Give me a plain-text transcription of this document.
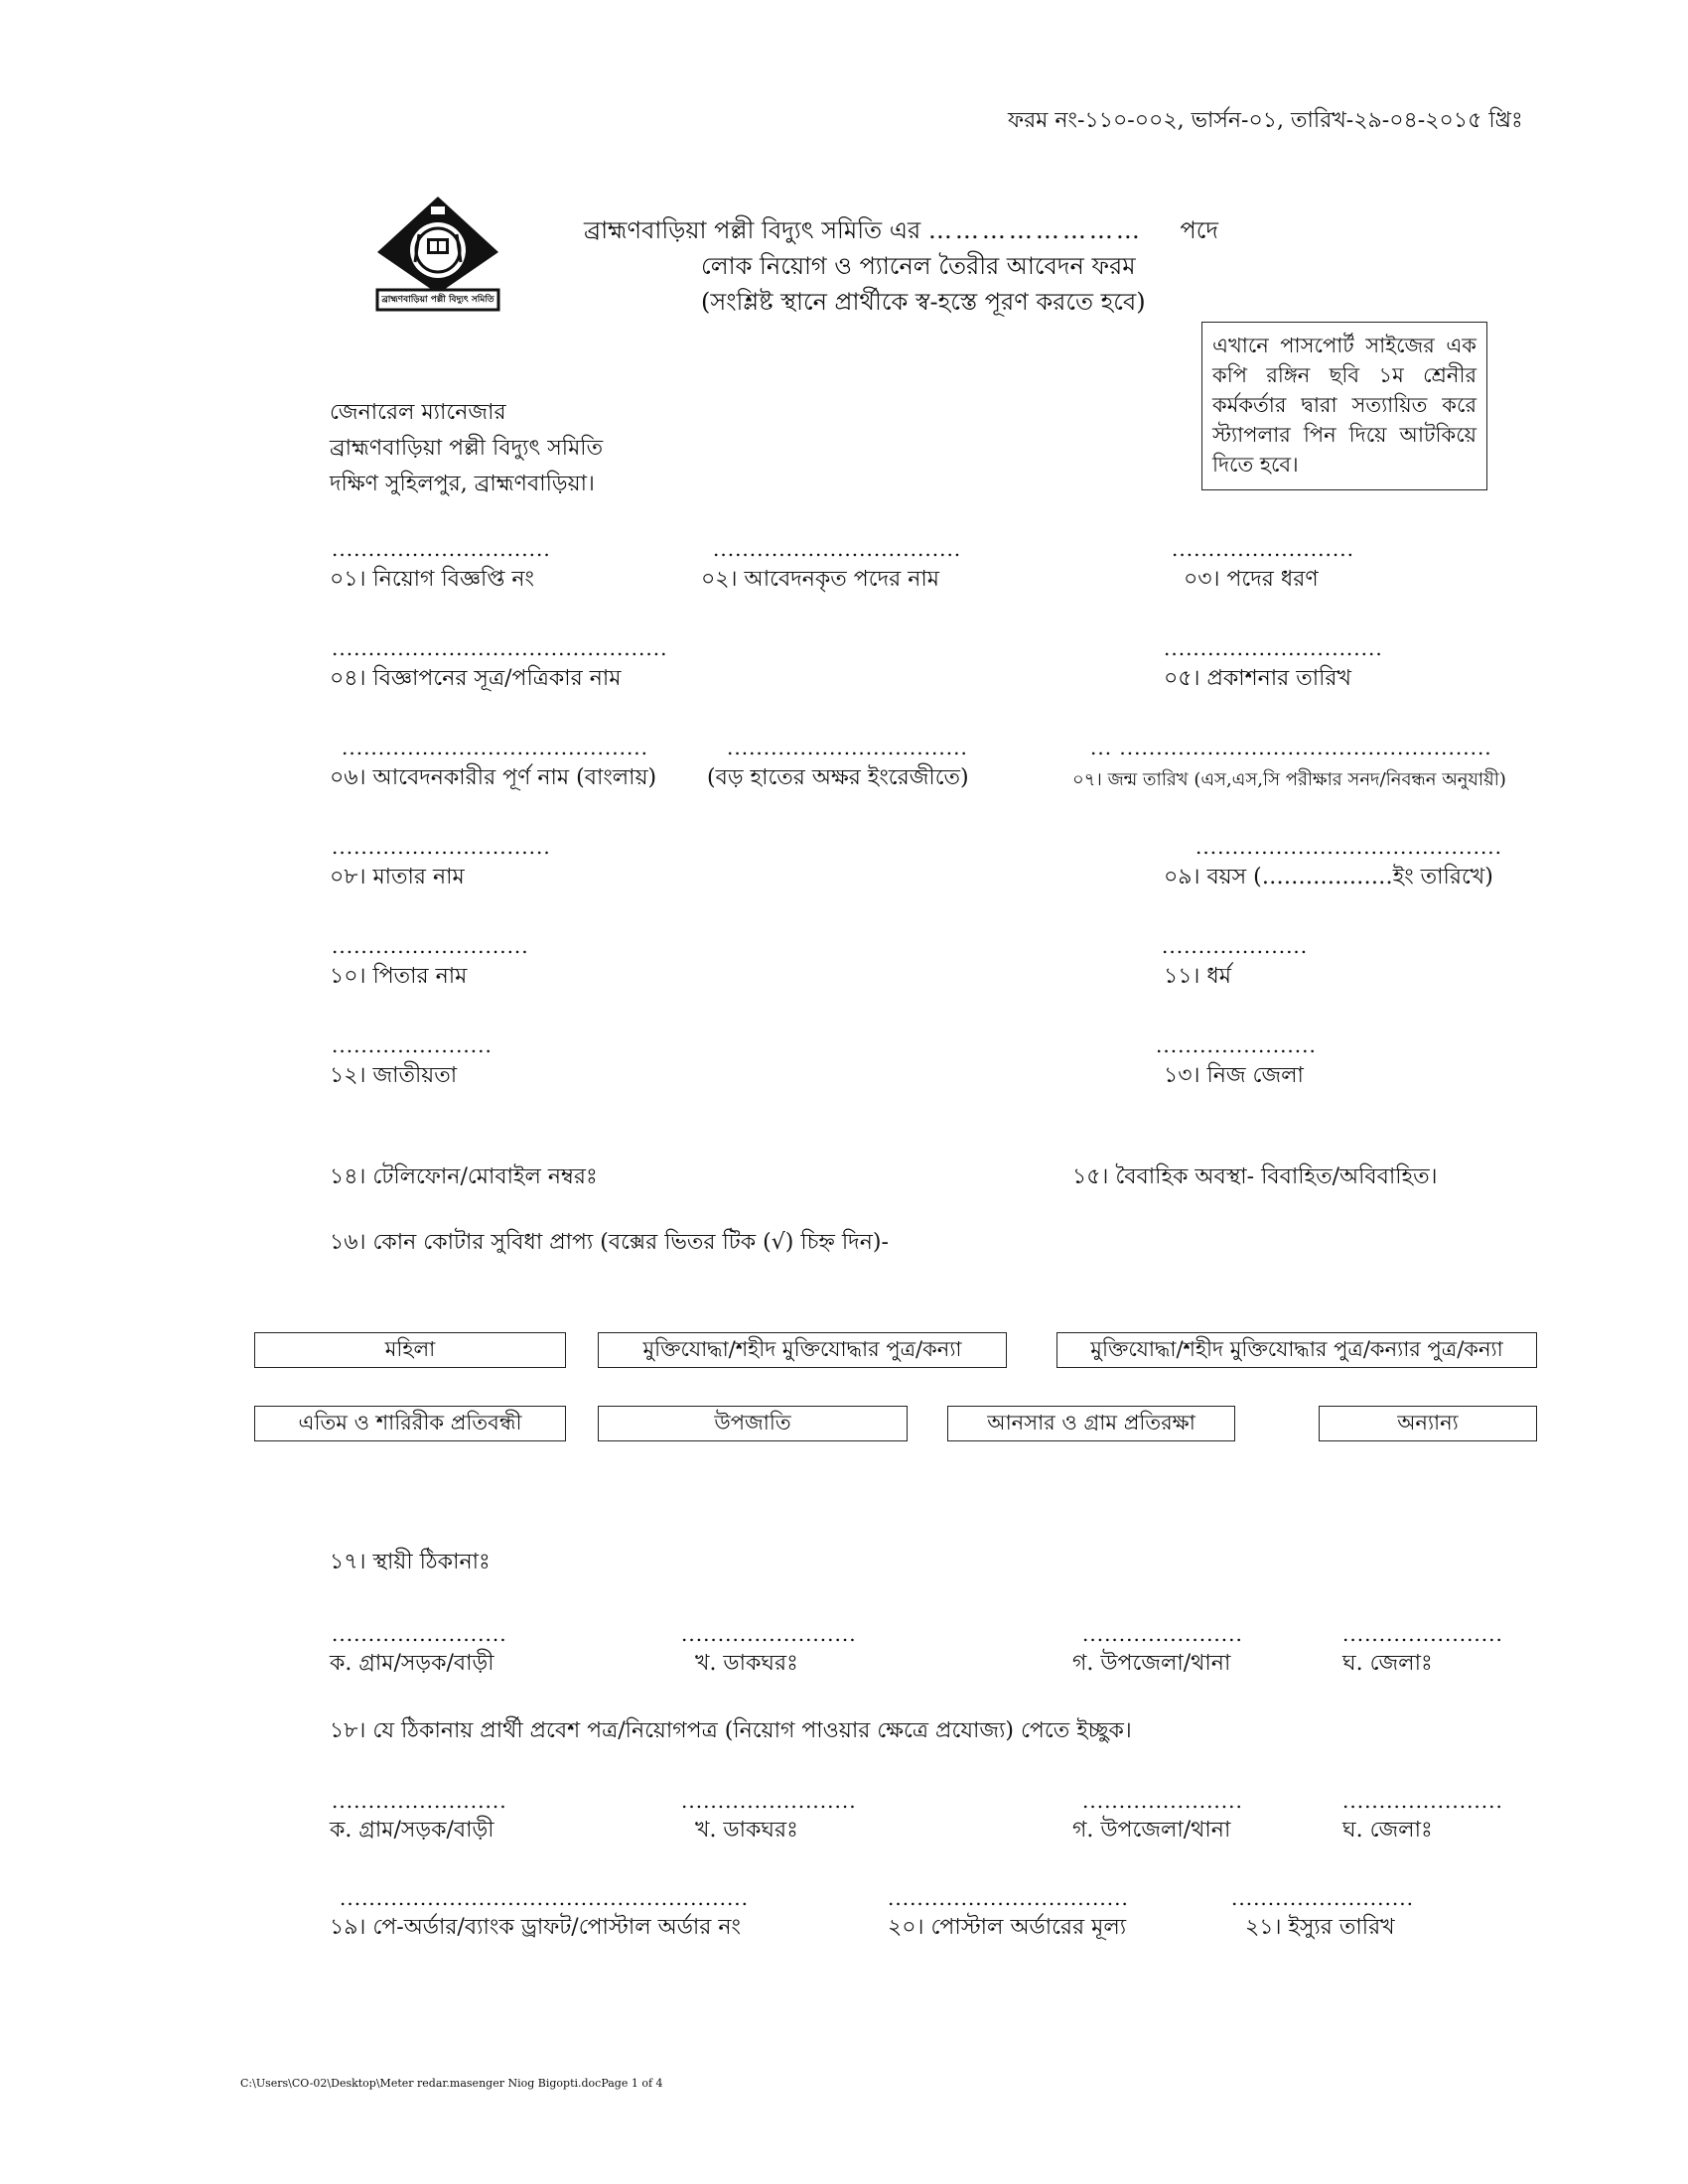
ফরম নং-১১০-০০২, ভার্সন-০১, তারিখ-২৯-০৪-২০১৫ খ্রিঃ
ব্রাহ্মণবাড়িয়া পল্লী বিদ্যুৎ সমিতি
ব্রাহ্মণবাড়িয়া পল্লী বিদ্যুৎ সমিতি এর …………………… পদে
লোক নিয়োগ ও প্যানেল তৈরীর আবেদন ফরম
(সংশ্লিষ্ট স্থানে প্রার্থীকে স্ব-হস্তে পূরণ করতে হবে)
এখানে পাসপোর্ট সাইজের এক কপি রঙ্গিন ছবি ১ম শ্রেনীর কর্মকর্তার দ্বারা সত্যায়িত করে স্ট্যাপলার পিন দিয়ে আটকিয়ে দিতে হবে।
জেনারেল ম্যানেজার
ব্রাহ্মণবাড়িয়া পল্লী বিদ্যুৎ সমিতি
দক্ষিণ সুহিলপুর, ব্রাহ্মণবাড়িয়া।
..............................	..................................	.........................
০১। নিয়োগ বিজ্ঞপ্তি নং	০২। আবেদনকৃত পদের নাম	০৩। পদের ধরণ
..............................................	..............................
০৪। বিজ্ঞাপনের সূত্র/পত্রিকার নাম	০৫। প্রকাশনার তারিখ
..........................................	.................................	... ...................................................
০৬। আবেদনকারীর পূর্ণ নাম (বাংলায়) (বড় হাতের অক্ষর ইংরেজীতে)	০৭। জন্ম তারিখ (এস,এস,সি পরীক্ষার সনদ/নিবন্ধন অনুযায়ী)
..............................	..........................................
০৮। মাতার নাম	০৯। বয়স (………………ইং তারিখে)
...........................	....................
১০। পিতার নাম	১১। ধর্ম
......................	......................
১২। জাতীয়তা	১৩। নিজ জেলা
১৪। টেলিফোন/মোবাইল নম্বরঃ	১৫। বৈবাহিক অবস্থা- বিবাহিত/অবিবাহিত।
১৬। কোন কোটার সুবিধা প্রাপ্য (বক্সের ভিতর টিক (√) চিহ্ন দিন)-
মহিলা	মুক্তিযোদ্ধা/শহীদ মুক্তিযোদ্ধার পুত্র/কন্যা	মুক্তিযোদ্ধা/শহীদ মুক্তিযোদ্ধার পুত্র/কন্যার পুত্র/কন্যা
এতিম ও শারিরীক প্রতিবন্ধী	উপজাতি	আনসার ও গ্রাম প্রতিরক্ষা	অন্যান্য
১৭। স্থায়ী ঠিকানাঃ
........................	........................	......................	......................
ক. গ্রাম/সড়ক/বাড়ী	খ. ডাকঘরঃ	গ. উপজেলা/থানা	ঘ. জেলাঃ
১৮। যে ঠিকানায় প্রার্থী প্রবেশ পত্র/নিয়োগপত্র (নিয়োগ পাওয়ার ক্ষেত্রে প্রযোজ্য) পেতে ইচ্ছুক।
........................	........................	......................	......................
ক. গ্রাম/সড়ক/বাড়ী	খ. ডাকঘরঃ	গ. উপজেলা/থানা	ঘ. জেলাঃ
........................................................	.................................	.........................
১৯। পে-অর্ডার/ব্যাংক ড্রাফট/পোস্টাল অর্ডার নং	২০। পোস্টাল অর্ডারের মূল্য	২১। ইস্যুর তারিখ
C:\Users\CO-02\Desktop\Meter redar.masenger Niog Bigopti.docPage 1 of 4
